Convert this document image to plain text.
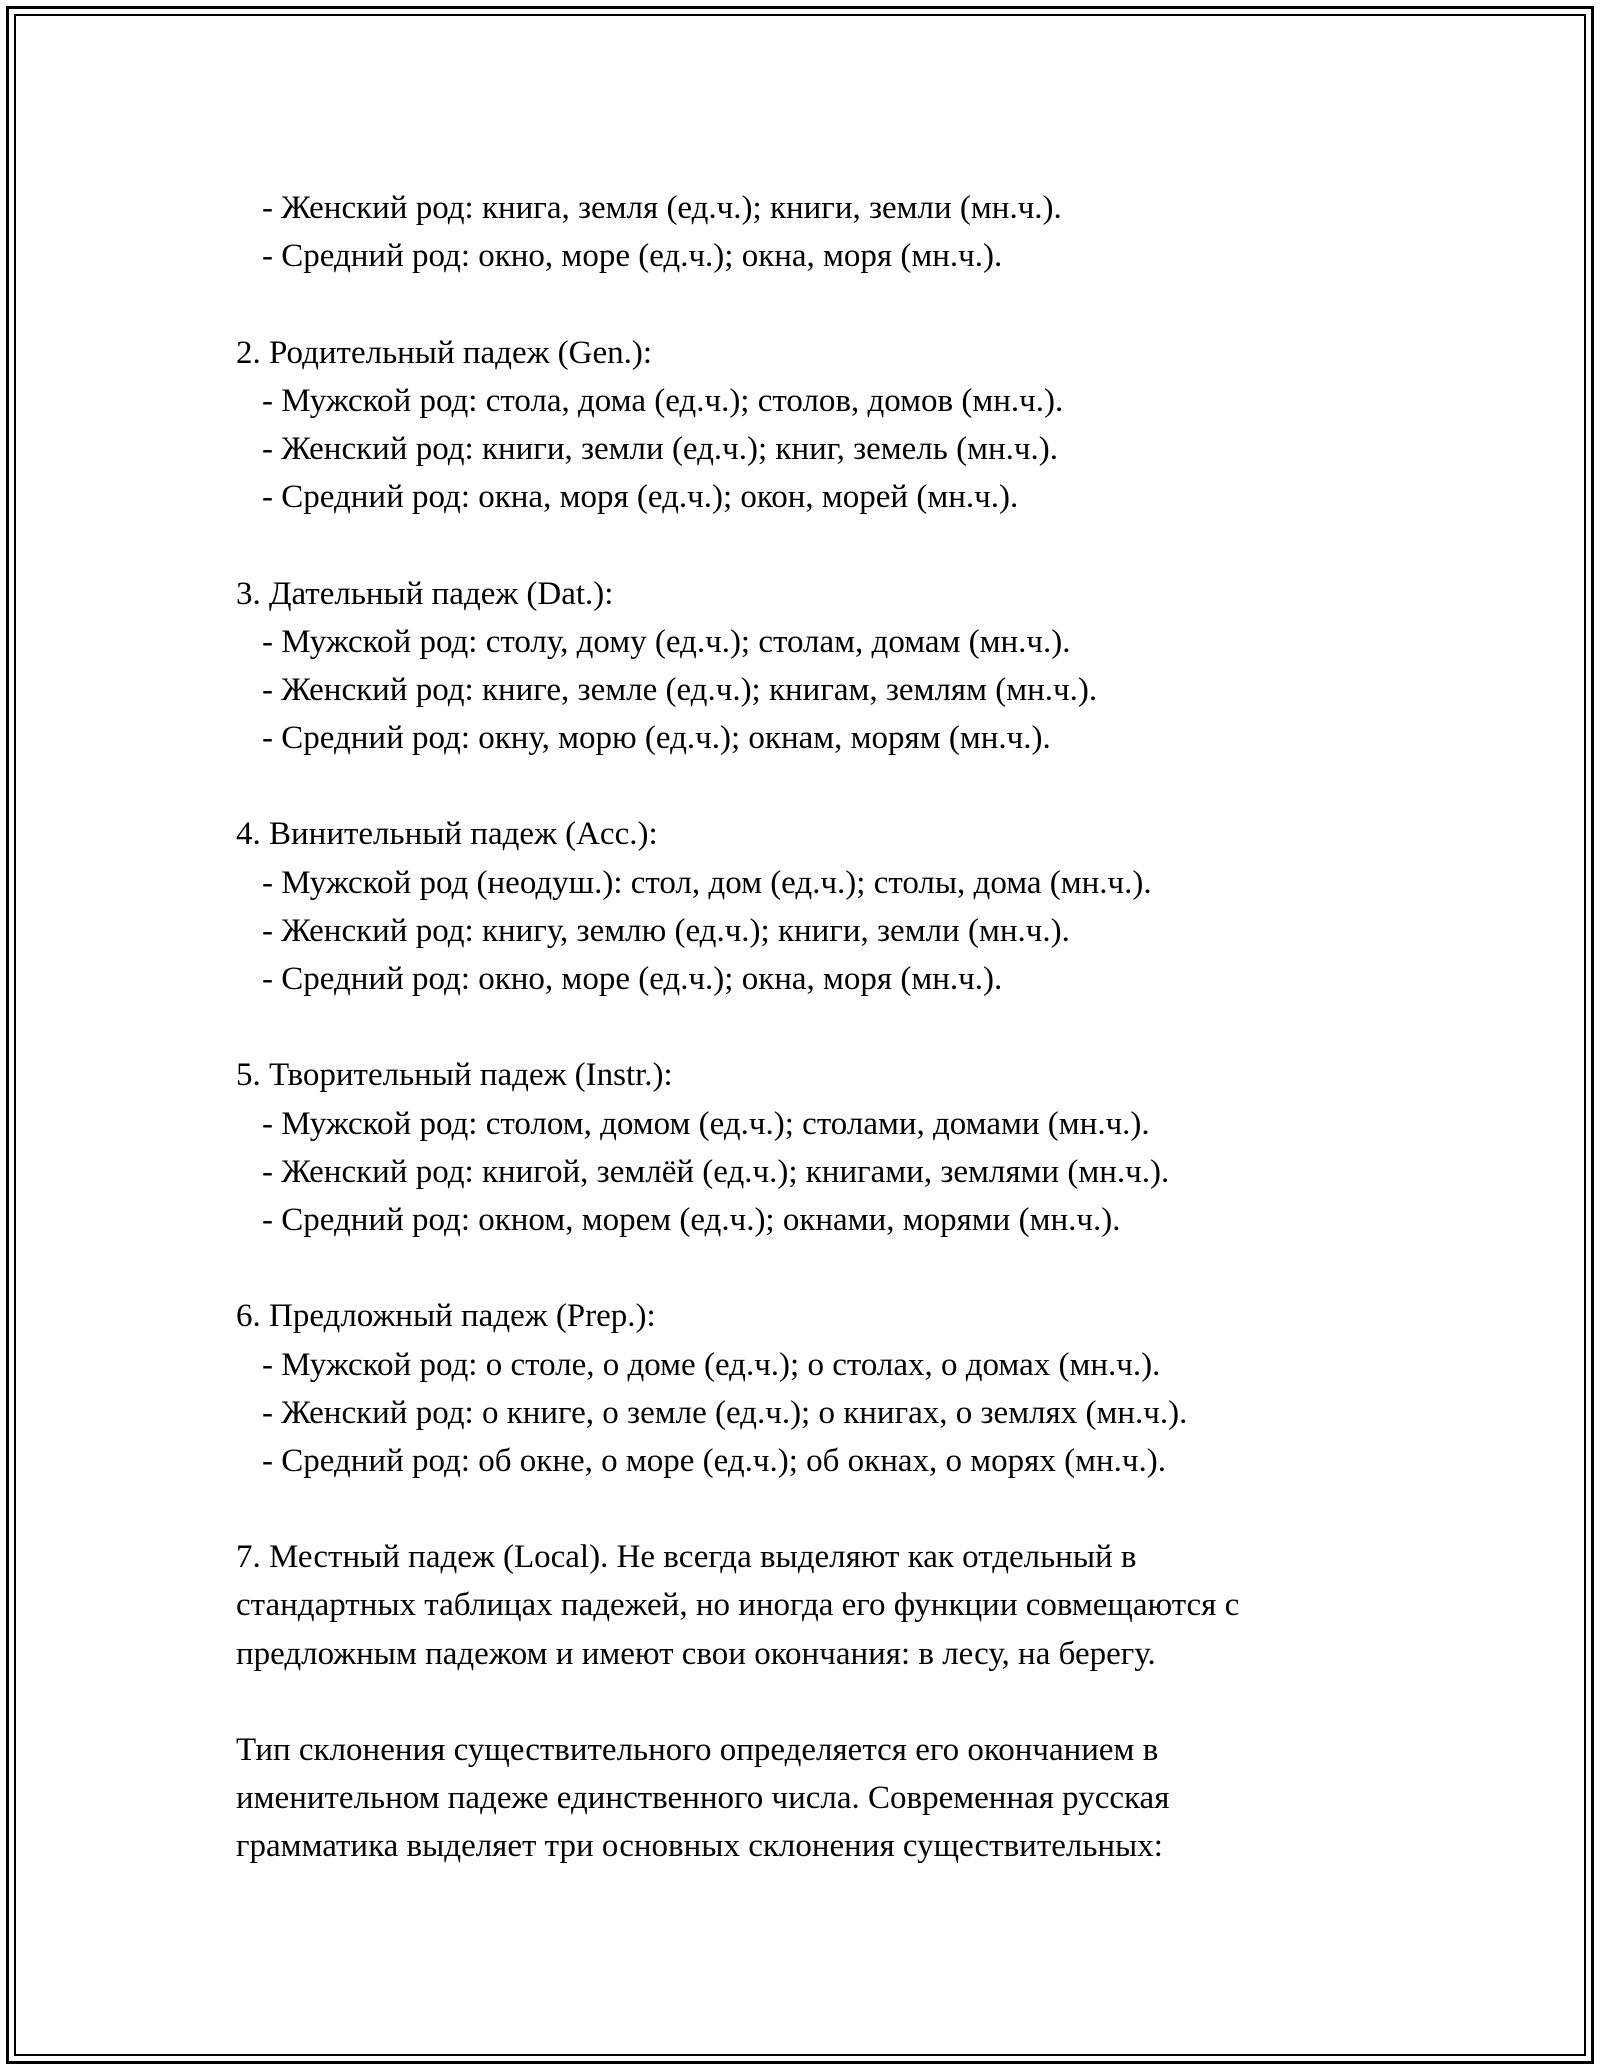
- Женский род: книга, земля (ед.ч.); книги, земли (мн.ч.).
- Средний род: окно, море (ед.ч.); окна, моря (мн.ч.).
2. Родительный падеж (Gen.):
- Мужской род: стола, дома (ед.ч.); столов, домов (мн.ч.).
- Женский род: книги, земли (ед.ч.); книг, земель (мн.ч.).
- Средний род: окна, моря (ед.ч.); окон, морей (мн.ч.).
3. Дательный падеж (Dat.):
- Мужской род: столу, дому (ед.ч.); столам, домам (мн.ч.).
- Женский род: книге, земле (ед.ч.); книгам, землям (мн.ч.).
- Средний род: окну, морю (ед.ч.); окнам, морям (мн.ч.).
4. Винительный падеж (Acc.):
- Мужской род (неодуш.): стол, дом (ед.ч.); столы, дома (мн.ч.).
- Женский род: книгу, землю (ед.ч.); книги, земли (мн.ч.).
- Средний род: окно, море (ед.ч.); окна, моря (мн.ч.).
5. Творительный падеж (Instr.):
- Мужской род: столом, домом (ед.ч.); столами, домами (мн.ч.).
- Женский род: книгой, землёй (ед.ч.); книгами, землями (мн.ч.).
- Средний род: окном, морем (ед.ч.); окнами, морями (мн.ч.).
6. Предложный падеж (Prep.):
- Мужской род: о столе, о доме (ед.ч.); о столах, о домах (мн.ч.).
- Женский род: о книге, о земле (ед.ч.); о книгах, о землях (мн.ч.).
- Средний род: об окне, о море (ед.ч.); об окнах, о морях (мн.ч.).
7. Местный падеж (Local). Не всегда выделяют как отдельный в
стандартных таблицах падежей, но иногда его функции совмещаются с
предложным падежом и имеют свои окончания: в лесу, на берегу.
Тип склонения существительного определяется его окончанием в
именительном падеже единственного числа. Современная русская
грамматика выделяет три основных склонения существительных:
